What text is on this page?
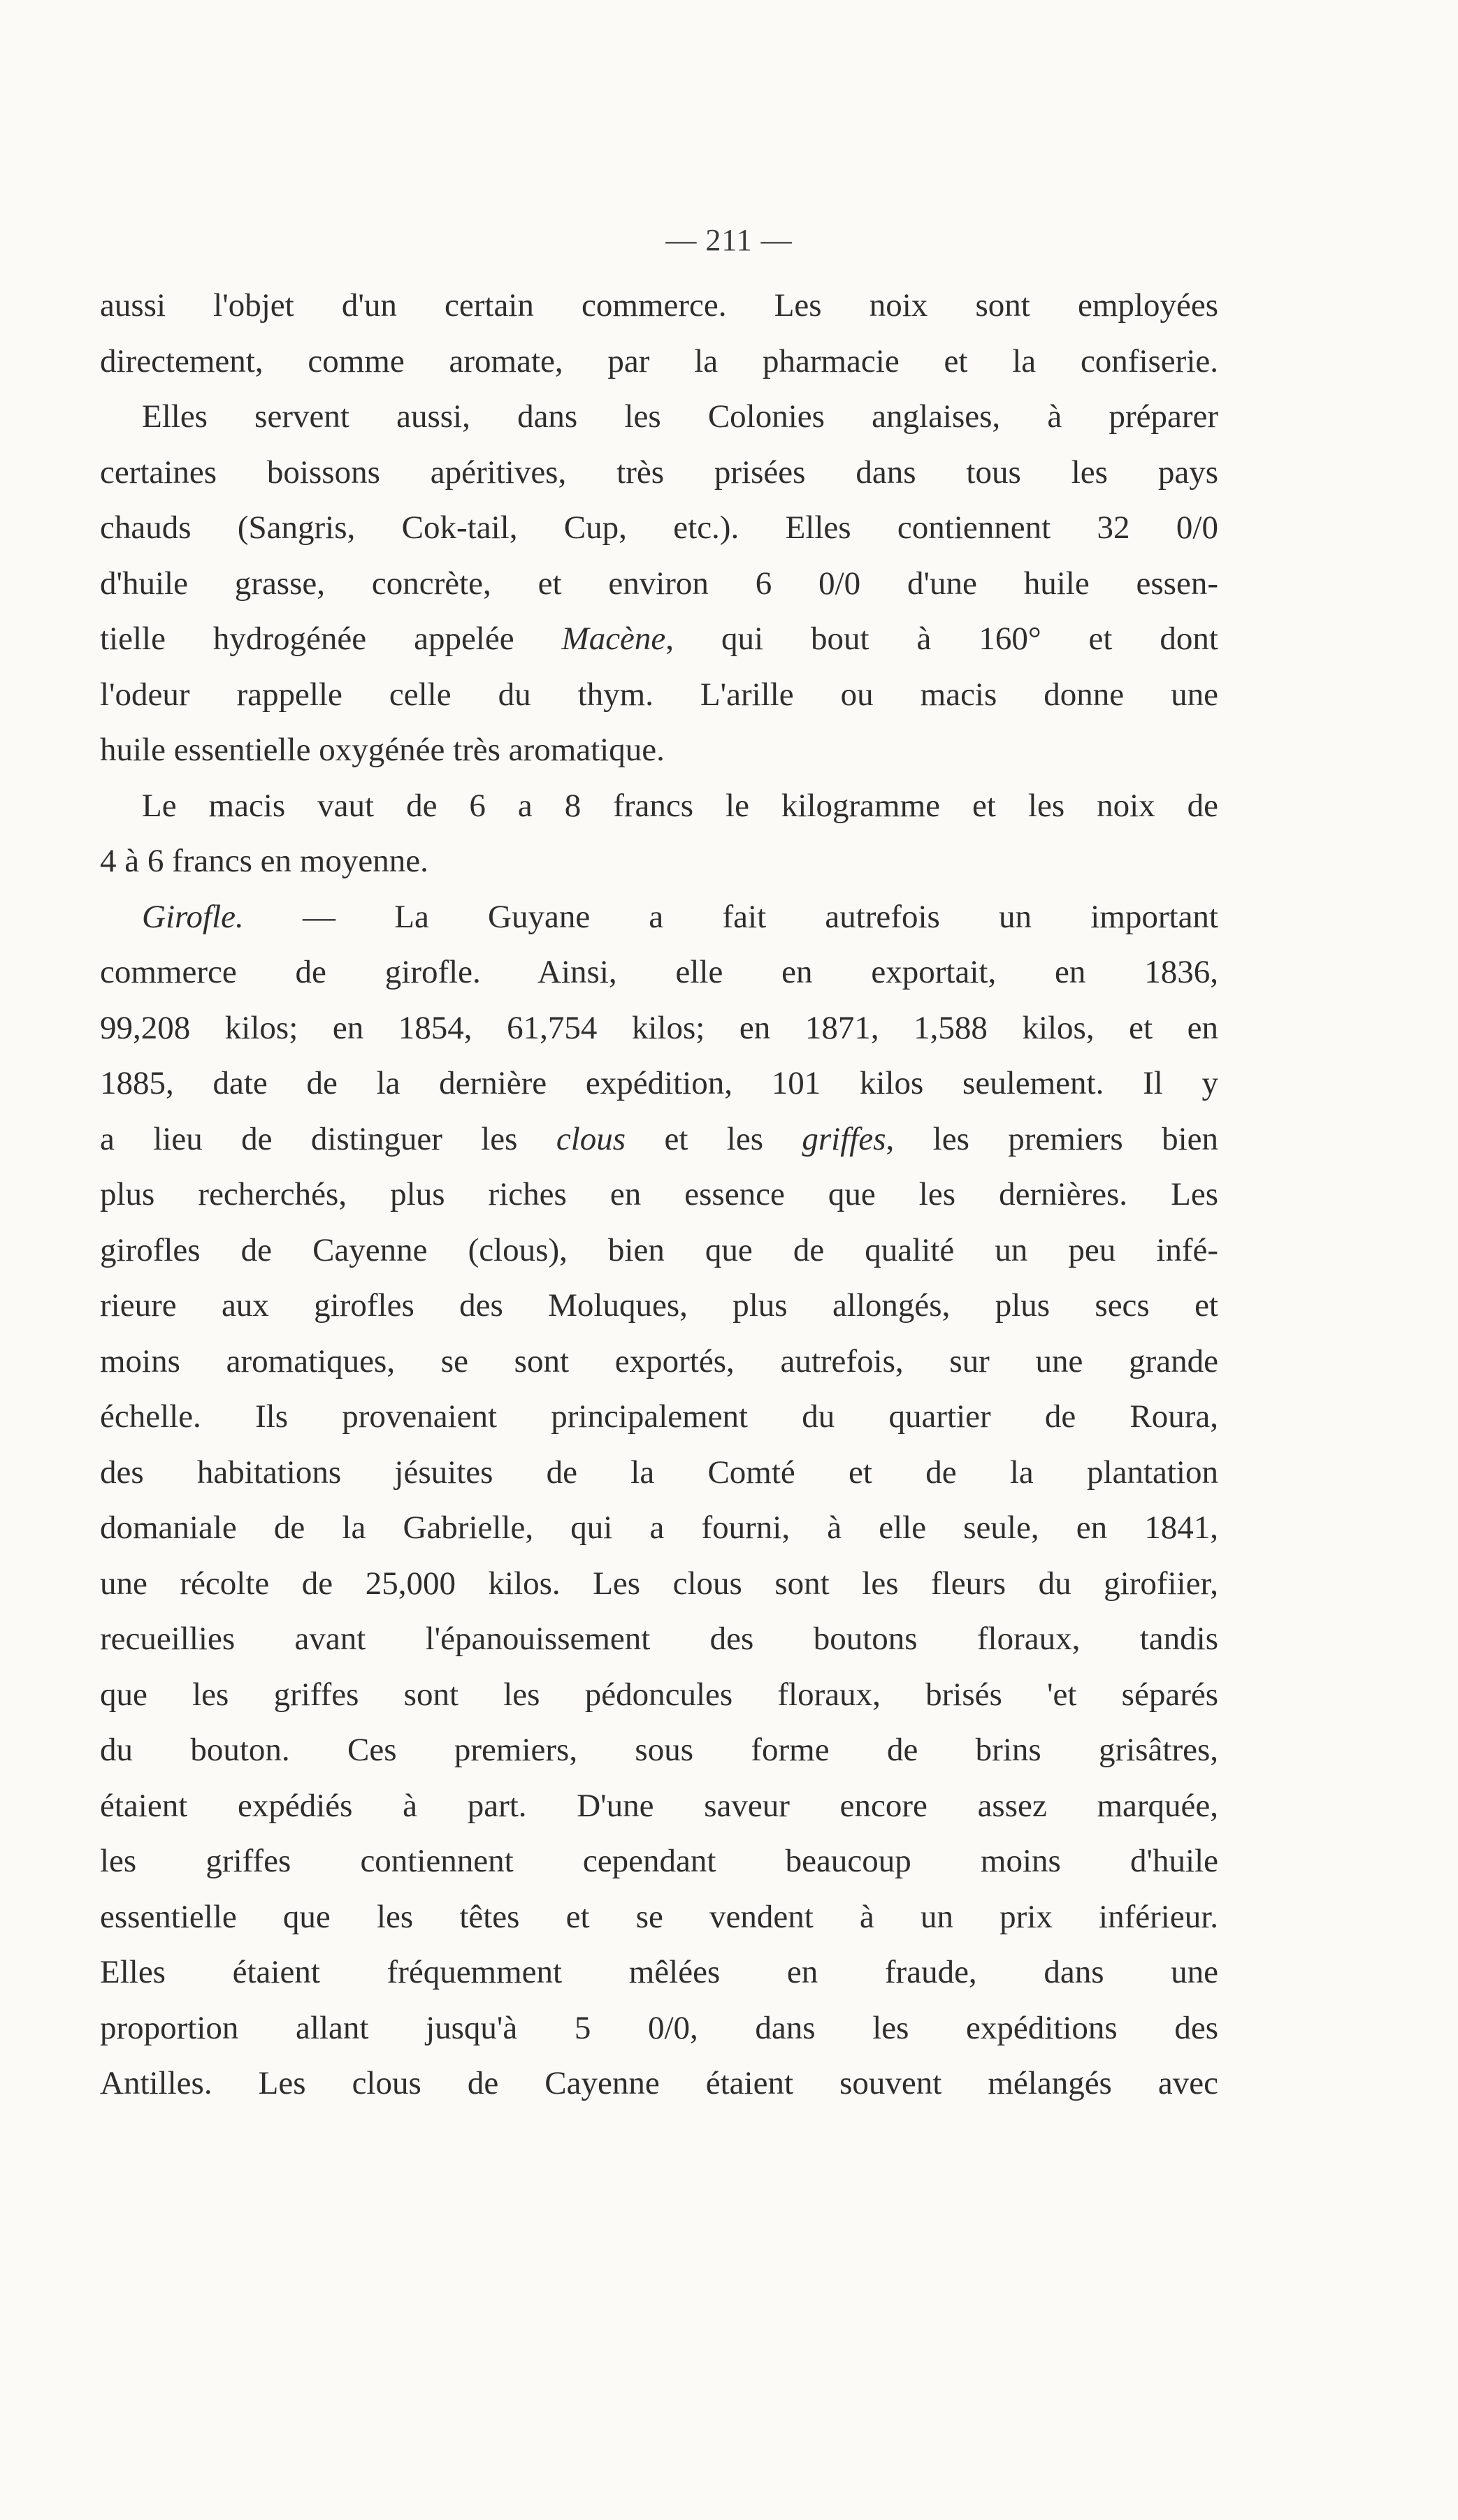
— 211 —
aussi l'objet d'un certain commerce. Les noix sont employées
directement, comme aromate, par la pharmacie et la confiserie.
Elles servent aussi, dans les Colonies anglaises, à préparer
certaines boissons apéritives, très prisées dans tous les pays
chauds (Sangris, Cok-tail, Cup, etc.). Elles contiennent 32 0/0
d'huile grasse, concrète, et environ 6 0/0 d'une huile essen-
tielle hydrogénée appelée Macène, qui bout à 160° et dont
l'odeur rappelle celle du thym. L'arille ou macis donne une
huile essentielle oxygénée très aromatique.
Le macis vaut de 6 a 8 francs le kilogramme et les noix de
4 à 6 francs en moyenne.
Girofle. — La Guyane a fait autrefois un important
commerce de girofle. Ainsi, elle en exportait, en 1836,
99,208 kilos; en 1854, 61,754 kilos; en 1871, 1,588 kilos, et en
1885, date de la dernière expédition, 101 kilos seulement. Il y
a lieu de distinguer les clous et les griffes, les premiers bien
plus recherchés, plus riches en essence que les dernières. Les
girofles de Cayenne (clous), bien que de qualité un peu infé-
rieure aux girofles des Moluques, plus allongés, plus secs et
moins aromatiques, se sont exportés, autrefois, sur une grande
échelle. Ils provenaient principalement du quartier de Roura,
des habitations jésuites de la Comté et de la plantation
domaniale de la Gabrielle, qui a fourni, à elle seule, en 1841,
une récolte de 25,000 kilos. Les clous sont les fleurs du girofiier,
recueillies avant l'épanouissement des boutons floraux, tandis
que les griffes sont les pédoncules floraux, brisés 'et séparés
du bouton. Ces premiers, sous forme de brins grisâtres,
étaient expédiés à part. D'une saveur encore assez marquée,
les griffes contiennent cependant beaucoup moins d'huile
essentielle que les têtes et se vendent à un prix inférieur.
Elles étaient fréquemment mêlées en fraude, dans une
proportion allant jusqu'à 5 0/0, dans les expéditions des
Antilles. Les clous de Cayenne étaient souvent mélangés avec
